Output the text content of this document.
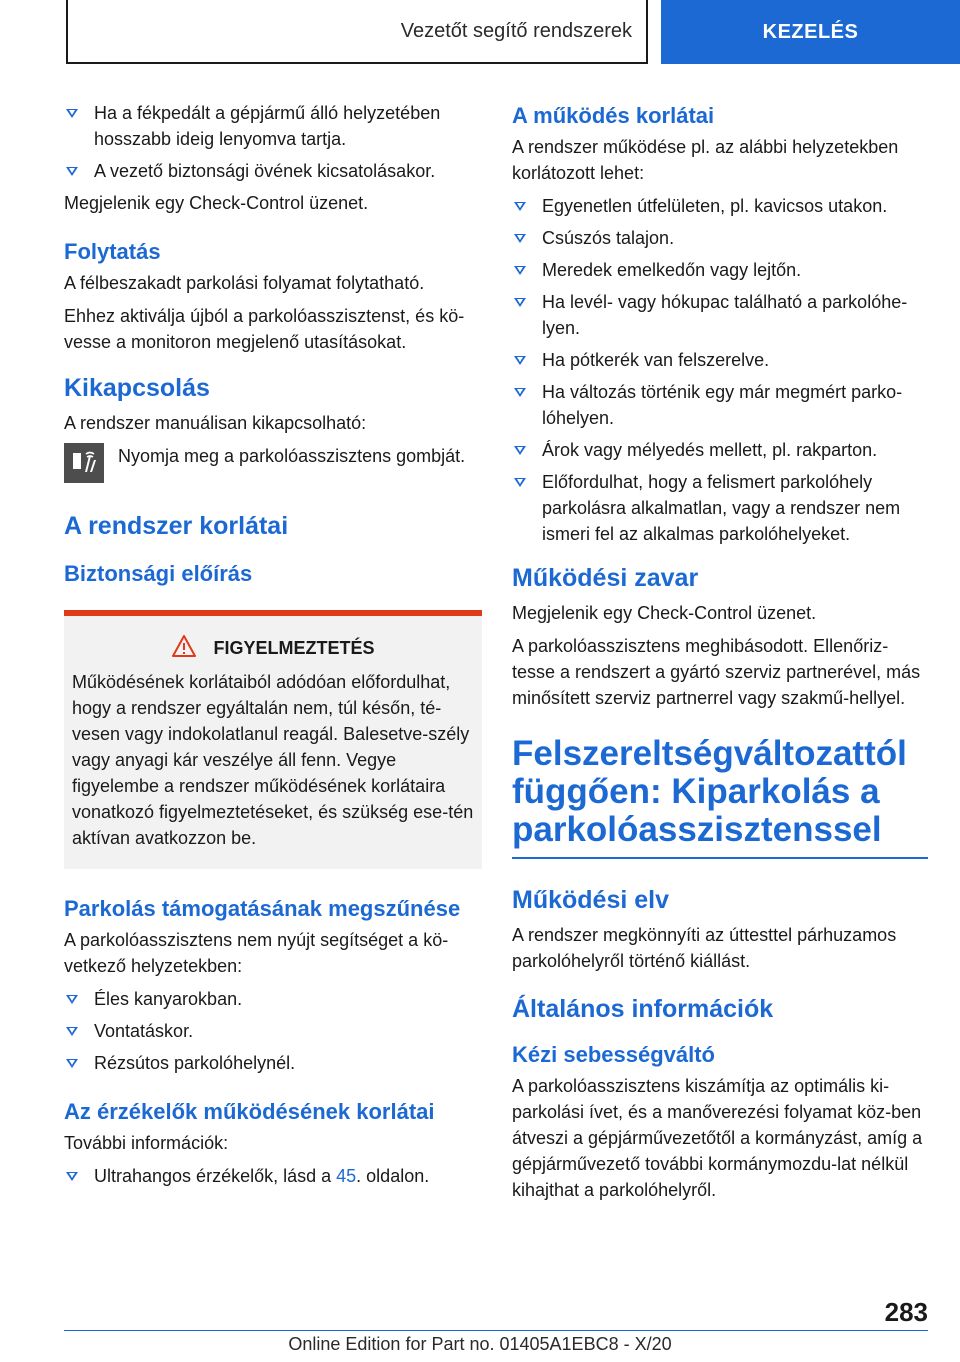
Vezetőt segítő rendszerek	KEZELÉS
Ha a fékpedált a gépjármű álló helyzetében hosszabb ideig lenyomva tartja.
A vezető biztonsági övének kicsatolásakor.

Megjelenik egy Check-Control üzenet.

Folytatás

A félbeszakadt parkolási folyamat folytatható.

Ehhez aktiválja újból a parkolóasszisztenst, és kö-vesse a monitoron megjelenő utasításokat.

Kikapcsolás

A rendszer manuálisan kikapcsolható:

Nyomja meg a parkolóasszisztens gombját.

A rendszer korlátai
Biztonsági előírás
FIGYELMEZTETÉS

Működésének korlátaiból adódóan előfordulhat, hogy a rendszer egyáltalán nem, túl későn, té-vesen vagy indokolatlanul reagál. Balesetve-szély vagy anyagi kár veszélye áll fenn. Vegye figyelembe a rendszer működésének korlátaira vonatkozó figyelmeztetéseket, és szükség ese-tén aktívan avatkozzon be.

Parkolás támogatásának megszűnése

A parkolóasszisztens nem nyújt segítséget a kö-vetkező helyzetekben:

Éles kanyarokban.
Vontatáskor.
Rézsútos parkolóhelynél.
Az érzékelők működésének korlátai

További információk:

Ultrahangos érzékelők, lásd a 45. oldalon.
A működés korlátai

A rendszer működése pl. az alábbi helyzetekben korlátozott lehet:

Egyenetlen útfelületen, pl. kavicsos utakon.
Csúszós talajon.
Meredek emelkedőn vagy lejtőn.
Ha levél- vagy hókupac található a parkolóhe-lyen.
Ha pótkerék van felszerelve.
Ha változás történik egy már megmért parko-lóhelyen.
Árok vagy mélyedés mellett, pl. rakparton.
Előfordulhat, hogy a felismert parkolóhely parkolásra alkalmatlan, vagy a rendszer nem ismeri fel az alkalmas parkolóhelyeket.
Működési zavar

Megjelenik egy Check-Control üzenet.

A parkolóasszisztens meghibásodott. Ellenőriz-tesse a rendszert a gyártó szerviz partnerével, más minősített szerviz partnerrel vagy szakmű-hellyel.

Felszereltségváltozattól függően: Kiparkolás a parkolóasszisztenssel
Működési elv

A rendszer megkönnyíti az úttesttel párhuzamos parkolóhelyről történő kiállást.

Általános információk
Kézi sebességváltó

A parkolóasszisztens kiszámítja az optimális ki-parkolási ívet, és a manőverezési folyamat köz-ben átveszi a gépjárművezetőtől a kormányzást, amíg a gépjárművezető további kormánymozdu-lat nélkül kihajthat a parkolóhelyről.

283
Online Edition for Part no. 01405A1EBC8 - X/20
